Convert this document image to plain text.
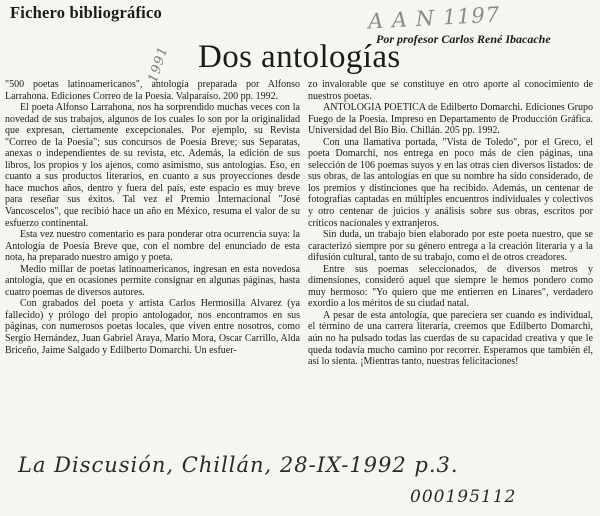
Fichero bibliográfico	A A N 1197
Por profesor Carlos René Ibacache
Dos antologías
1991

"500 poetas latinoamericanos", antología preparada por Alfonso Larrahona. Ediciones Correo de la Poesía. Valparaíso. 200 pp. 1992.

El poeta Alfonso Larrahona, nos ha sorprendido muchas veces con la novedad de sus trabajos, algunos de los cuales lo son por la originalidad que expresan, ciertamente excepcionales. Por ejemplo, su Revista "Correo de la Poesía"; sus concursos de Poesía Breve; sus Separatas, anexas o independientes de su revista, etc. Además, la edición de sus libros, los propios y los ajenos, como asimismo, sus antologías. Eso, en cuanto a sus productos literarios, en cuanto a sus proyecciones desde hace muchos años, dentro y fuera del país, este espacio es muy breve para reseñar sus éxitos. Tal vez el Premio Internacional "José Vancoscelos", que recibió hace un año en México, resuma el valor de su esfuerzo continental.

Esta vez nuestro comentario es para ponderar otra ocurrencia suya: la Antología de Poesía Breve que, con el nombre del enunciado de esta nota, ha preparado nuestro amigo y poeta.

Medio millar de poetas latinoamericanos, ingresan en esta novedosa antología, que en ocasiones permite consignar en algunas páginas, hasta cuatro poemas de diversos autores.

Con grabados del poeta y artista Carlos Hermosilla Alvarez (ya fallecido) y prólogo del propio antologador, nos encontramos en sus páginas, con numerosos poetas locales, que viven entre nosotros, como Sergio Hernández, Juan Gabriel Araya, Mario Mora, Oscar Carrillo, Alda Briceño, Jaime Salgado y Edilberto Domarchi. Un esfuer-

zo invalorable que se constituye en otro aporte al conocimiento de nuestros poetas.

ANTOLOGIA POETICA de Edilberto Domarchi. Ediciones Grupo Fuego de la Poesía. Impreso en Departamento de Producción Gráfica. Universidad del Bío Bío. Chillán. 205 pp. 1992.

Con una llamativa portada, "Vista de Toledo", por el Greco, el poeta Domarchi, nos entrega en poco más de cien páginas, una selección de 106 poemas suyos y en las otras cien diversos listados: de sus obras, de las antologías en que su nombre ha sido considerado, de los premios y distinciones que ha recibido. Además, un centenar de fotografías captadas en múltiples encuentros individuales y colectivos y otro centenar de juicios y análisis sobre sus obras, escritos por críticos nacionales y extranjeros.

Sin duda, un trabajo bien elaborado por este poeta nuestro, que se caracterizó siempre por su género entrega a la creación literaria y a la difusión cultural, tanto de su trabajo, como el de otros creadores.

Entre sus poemas seleccionados, de diversos metros y dimensiones, consideró aquel que siempre le hemos pondero como muy hermoso: "Yo quiero que me entierren en Linares", verdadero exordio a los méritos de su ciudad natal.

A pesar de esta antología, que pareciera ser cuando es individual, el término de una carrera literaria, creemos que Edilberto Domarchi, aún no ha pulsado todas las cuerdas de su capacidad creativa y que le queda todavía mucho camino por recorrer. Esperamos que también él, así lo sienta. ¡Mientras tanto, nuestras felicitaciones!

La Discusión, Chillán, 28-IX-1992 p.3.
000195112
